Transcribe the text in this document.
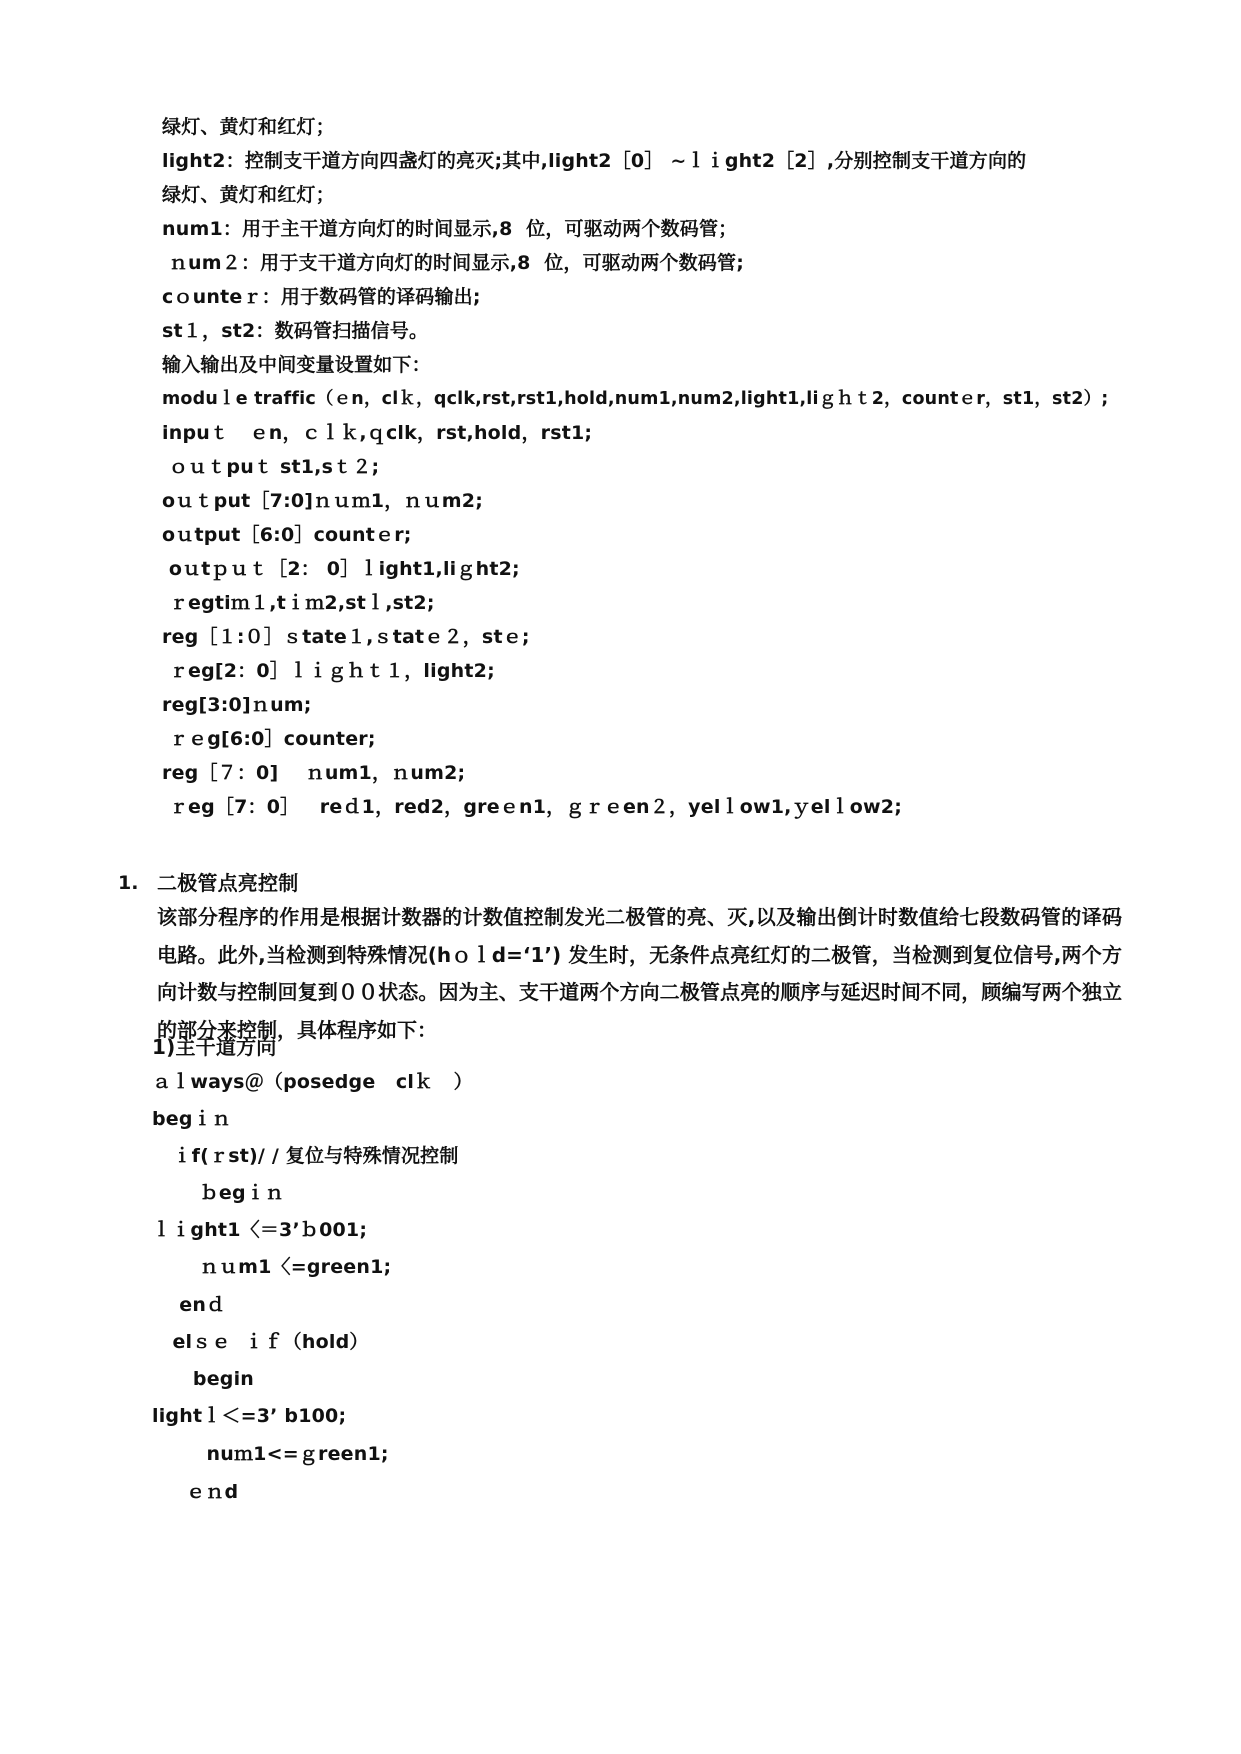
绿灯、黄灯和红灯；
light2：控制支干道方向四盏灯的亮灭;其中,light2［0］ ~ｌｉght2［2］,分别控制支干道方向的
绿灯、黄灯和红灯；
num1：用于主干道方向灯的时间显示,8  位，可驱动两个数码管；
ｎum２：用于支干道方向灯的时间显示,8  位，可驱动两个数码管;
cｏunteｒ：用于数码管的译码输出;
st１，st2：数码管扫描信号。
输入输出及中间变量设置如下：
moduｌe traffic（ｅn，clｋ，qclk,rst,rst1,hold,num1,num2,light1,liｇｈｔ2，countｅr，st1，st2）;
inpuｔ   ｅn，ｃｌｋ,ｑclk，rst,hold，rst1;
ｏｕｔpuｔ st1,sｔ２;
oｕｔput［7:0]ｎｕｍ1，ｎｕm2;
oｕtput［6:0］countｅr;
oｕtｐｕｔ［2： 0］ｌight1,liｇht2;
ｒegtiｍ１,tｉｍ2,stｌ,st2;
reg［１:０］ｓtate１,ｓtatｅ２，stｅ;
ｒeg[2：0］ｌｉｇｈｔ１，light2;
reg[3:0]ｎum;
ｒｅg[6:0］counter;
reg［７：0]    ｎum1，ｎum2;
ｒeg［7：0］   reｄ1，red2，greｅn1，ｇｒｅen２，yelｌow1,ｙelｌow2;
1. 二极管点亮控制
该部分程序的作用是根据计数器的计数值控制发光二极管的亮、灭,以及输出倒计时数值给七段数码管的译码电路。此外,当检测到特殊情况(hｏｌd=‘1’) 发生时，无条件点亮红灯的二极管，当检测到复位信号,两个方向计数与控制回复到００状态。因为主、支干道两个方向二极管点亮的顺序与延迟时间不同，顾编写两个独立的部分来控制，具体程序如下：
1)主干道方向
ａｌways＠（posedge   clｋ   ）
begｉｎ
ｉf(ｒst)/ / 复位与特殊情况控制
ｂegｉｎ
ｌｉght1〈＝3’ｂ001;
ｎｕm1〈=green1;
enｄ
elｓｅ  ｉｆ（hold）
begin
lightｌ＜=3’ b100;
nuｍ1<=ｇreen1;
ｅｎd
